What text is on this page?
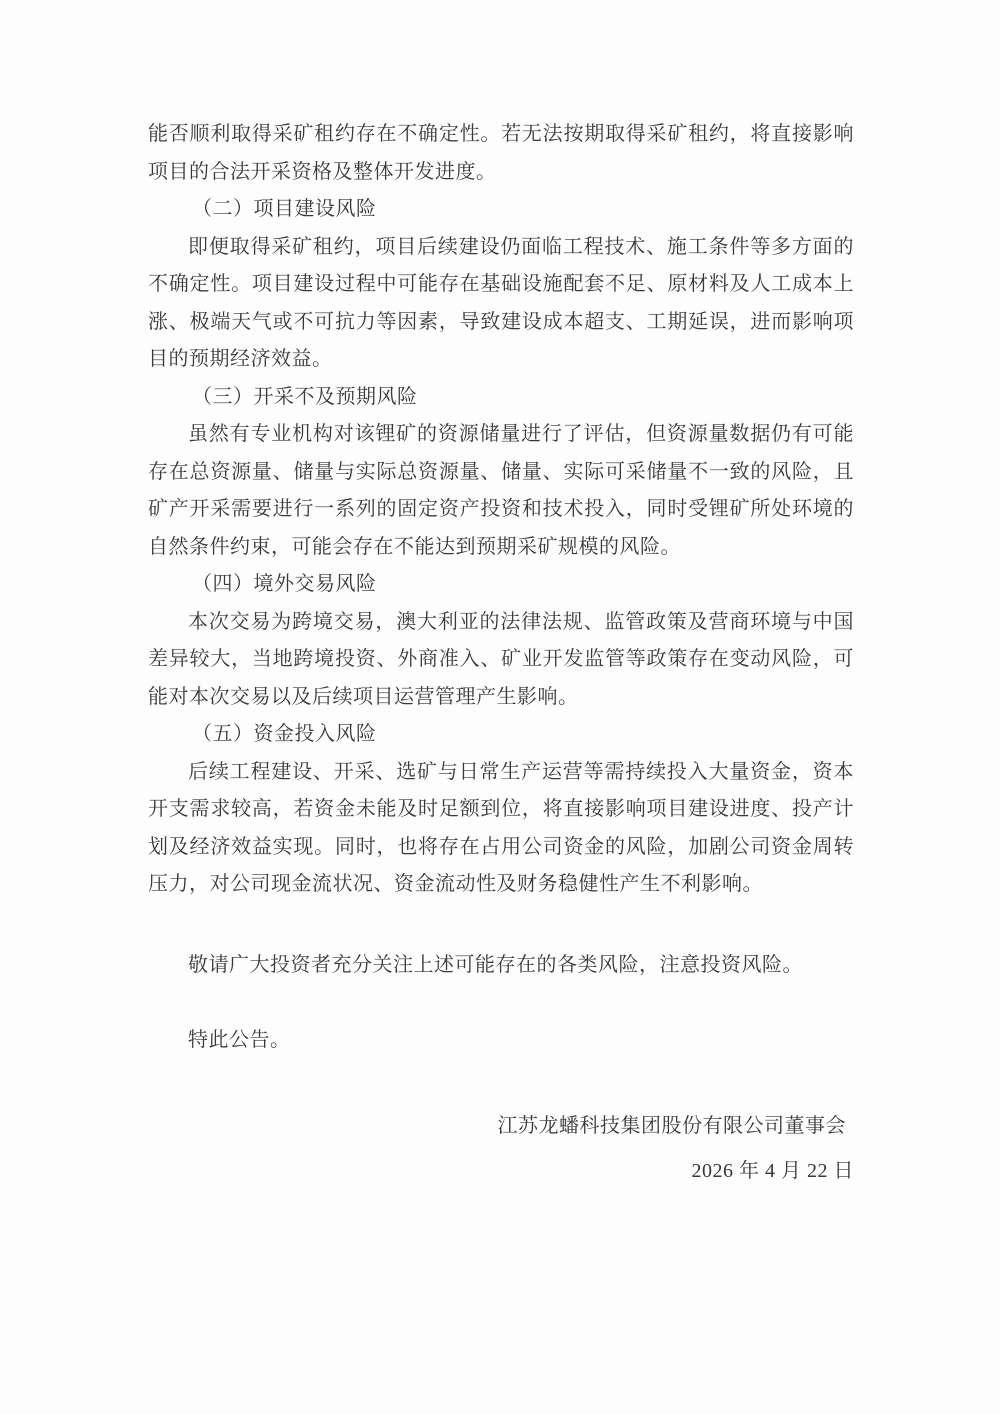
能否顺利取得采矿租约存在不确定性。若无法按期取得采矿租约，将直接影响项目的合法开采资格及整体开发进度。

（二）项目建设风险

即便取得采矿租约，项目后续建设仍面临工程技术、施工条件等多方面的不确定性。项目建设过程中可能存在基础设施配套不足、原材料及人工成本上涨、极端天气或不可抗力等因素，导致建设成本超支、工期延误，进而影响项目的预期经济效益。

（三）开采不及预期风险

虽然有专业机构对该锂矿的资源储量进行了评估，但资源量数据仍有可能存在总资源量、储量与实际总资源量、储量、实际可采储量不一致的风险，且矿产开采需要进行一系列的固定资产投资和技术投入，同时受锂矿所处环境的自然条件约束，可能会存在不能达到预期采矿规模的风险。

（四）境外交易风险

本次交易为跨境交易，澳大利亚的法律法规、监管政策及营商环境与中国差异较大，当地跨境投资、外商准入、矿业开发监管等政策存在变动风险，可能对本次交易以及后续项目运营管理产生影响。

（五）资金投入风险

后续工程建设、开采、选矿与日常生产运营等需持续投入大量资金，资本开支需求较高，若资金未能及时足额到位，将直接影响项目建设进度、投产计划及经济效益实现。同时，也将存在占用公司资金的风险，加剧公司资金周转压力，对公司现金流状况、资金流动性及财务稳健性产生不利影响。

敬请广大投资者充分关注上述可能存在的各类风险，注意投资风险。

特此公告。

江苏龙蟠科技集团股份有限公司董事会

2026 年 4 月 22 日
